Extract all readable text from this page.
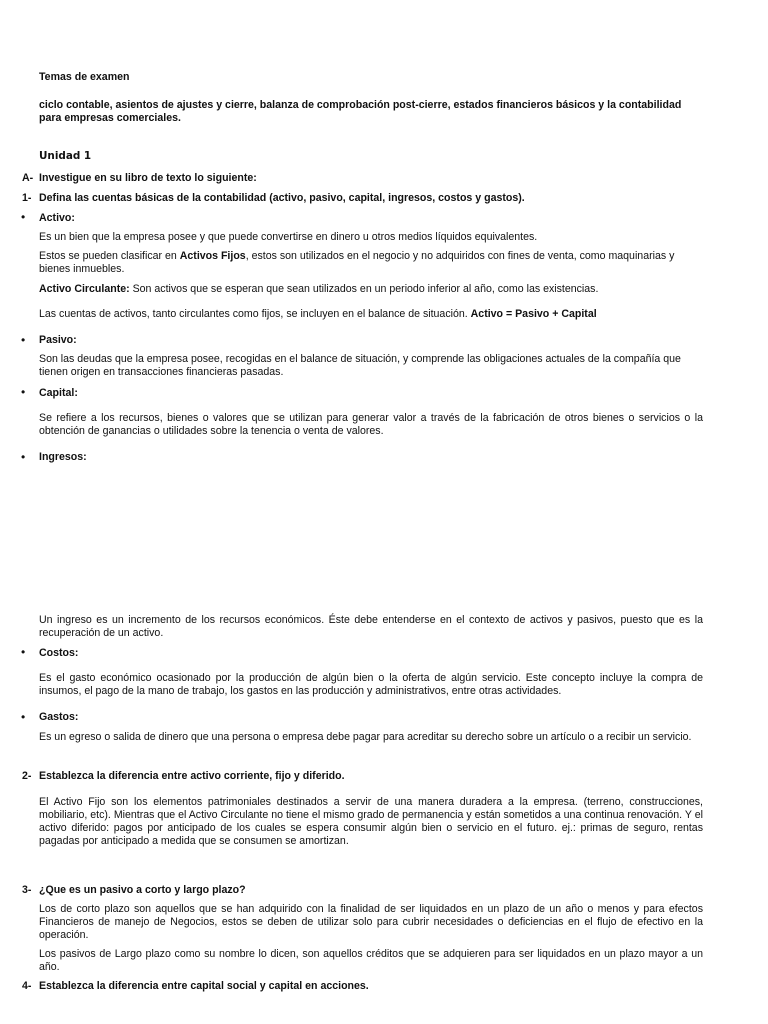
Temas de examen
ciclo contable, asientos de ajustes y cierre, balanza de comprobación post-cierre, estados financieros básicos y la contabilidad para empresas comerciales.
Unidad 1
A- Investigue en su libro de texto lo siguiente:
1- Defina las cuentas básicas de la contabilidad (activo, pasivo, capital, ingresos, costos y gastos).
• Activo:
Es un bien que la empresa posee y que puede convertirse en dinero u otros medios líquidos equivalentes.
Estos se pueden clasificar en Activos Fijos, estos son utilizados en el negocio y no adquiridos con fines de venta, como maquinarias y bienes inmuebles.
Activo Circulante: Son activos que se esperan que sean utilizados en un periodo inferior al año, como las existencias.
Las cuentas de activos, tanto circulantes como fijos, se incluyen en el balance de situación. Activo = Pasivo + Capital
• Pasivo:
Son las deudas que la empresa posee, recogidas en el balance de situación, y comprende las obligaciones actuales de la compañía que tienen origen en transacciones financieras pasadas.
• Capital:
Se refiere a los recursos, bienes o valores que se utilizan para generar valor a través de la fabricación de otros bienes o servicios o la obtención de ganancias o utilidades sobre la tenencia o venta de valores.
• Ingresos:
Un ingreso es un incremento de los recursos económicos. Éste debe entenderse en el contexto de activos y pasivos, puesto que es la recuperación de un activo.
• Costos:
Es el gasto económico ocasionado por la producción de algún bien o la oferta de algún servicio. Este concepto incluye la compra de insumos, el pago de la mano de trabajo, los gastos en las producción y administrativos, entre otras actividades.
• Gastos:
Es un egreso o salida de dinero que una persona o empresa debe pagar para acreditar su derecho sobre un artículo o a recibir un servicio.
2- Establezca la diferencia entre activo corriente, fijo y diferido.
El Activo Fijo son los elementos patrimoniales destinados a servir de una manera duradera a la empresa. (terreno, construcciones, mobiliario, etc). Mientras que el Activo Circulante no tiene el mismo grado de permanencia y están sometidos a una continua renovación. Y el activo diferido: pagos por anticipado de los cuales se espera consumir algún bien o servicio en el futuro. ej.: primas de seguro, rentas pagadas por anticipado a medida que se consumen se amortizan.
3- ¿Que es un pasivo a corto y largo plazo?
Los de corto plazo son aquellos que se han adquirido con la finalidad de ser liquidados en un plazo de un año o menos y para efectos Financieros de manejo de Negocios, estos se deben de utilizar solo para cubrir necesidades o deficiencias en el flujo de efectivo en la operación.
Los pasivos de Largo plazo como su nombre lo dicen, son aquellos créditos que se adquieren para ser liquidados en un plazo mayor a un año.
4- Establezca la diferencia entre capital social y capital en acciones.
